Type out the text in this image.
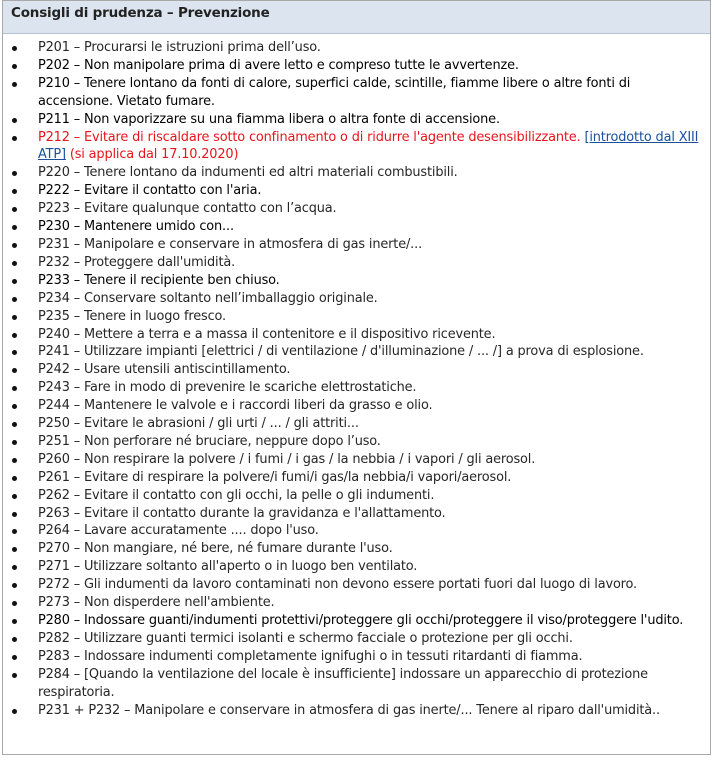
Consigli di prudenza – Prevenzione
P201 – Procurarsi le istruzioni prima dell’uso.
P202 – Non manipolare prima di avere letto e compreso tutte le avvertenze.
P210 – Tenere lontano da fonti di calore, superfici calde, scintille, fiamme libere o altre fonti di accensione. Vietato fumare.
P211 – Non vaporizzare su una fiamma libera o altra fonte di accensione.
P212 – Evitare di riscaldare sotto confinamento o di ridurre l'agente desensibilizzante. [introdotto dal XIII ATP] (si applica dal 17.10.2020)
P220 – Tenere lontano da indumenti ed altri materiali combustibili.
P222 – Evitare il contatto con l'aria.
P223 – Evitare qualunque contatto con l’acqua.
P230 – Mantenere umido con...
P231 – Manipolare e conservare in atmosfera di gas inerte/...
P232 – Proteggere dall'umidità.
P233 – Tenere il recipiente ben chiuso.
P234 – Conservare soltanto nell’imballaggio originale.
P235 – Tenere in luogo fresco.
P240 – Mettere a terra e a massa il contenitore e il dispositivo ricevente.
P241 – Utilizzare impianti [elettrici / di ventilazione / d'illuminazione / ... /] a prova di esplosione.
P242 – Usare utensili antiscintillamento.
P243 – Fare in modo di prevenire le scariche elettrostatiche.
P244 – Mantenere le valvole e i raccordi liberi da grasso e olio.
P250 – Evitare le abrasioni / gli urti / ... / gli attriti...
P251 – Non perforare né bruciare, neppure dopo l’uso.
P260 – Non respirare la polvere / i fumi / i gas / la nebbia / i vapori / gli aerosol.
P261 – Evitare di respirare la polvere/i fumi/i gas/la nebbia/i vapori/aerosol.
P262 – Evitare il contatto con gli occhi, la pelle o gli indumenti.
P263 – Evitare il contatto durante la gravidanza e l'allattamento.
P264 – Lavare accuratamente .... dopo l'uso.
P270 – Non mangiare, né bere, né fumare durante l'uso.
P271 – Utilizzare soltanto all'aperto o in luogo ben ventilato.
P272 – Gli indumenti da lavoro contaminati non devono essere portati fuori dal luogo di lavoro.
P273 – Non disperdere nell'ambiente.
P280 – Indossare guanti/indumenti protettivi/proteggere gli occhi/proteggere il viso/proteggere l'udito.
P282 – Utilizzare guanti termici isolanti e schermo facciale o protezione per gli occhi.
P283 – Indossare indumenti completamente ignifughi o in tessuti ritardanti di fiamma.
P284 – [Quando la ventilazione del locale è insufficiente] indossare un apparecchio di protezione respiratoria.
P231 + P232 – Manipolare e conservare in atmosfera di gas inerte/... Tenere al riparo dall'umidità..
